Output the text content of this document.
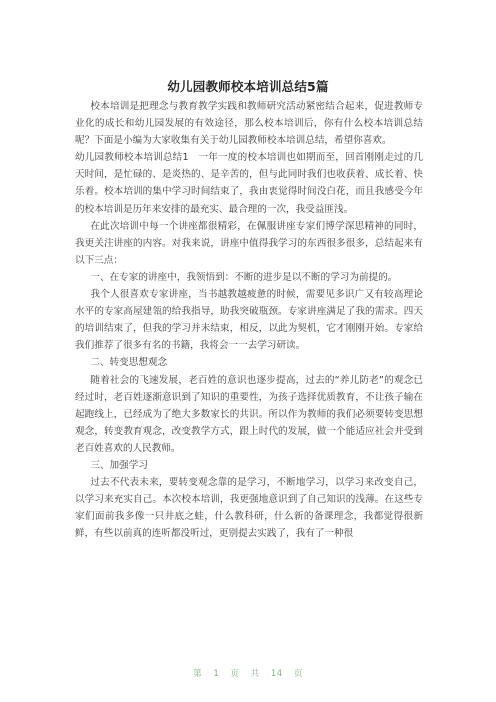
幼儿园教师校本培训总结5篇

校本培训是把理念与教育教学实践和教师研究活动紧密结合起来，促进教师专业化的成长和幼儿园发展的有效途径，那么校本培训后，你有什么校本培训总结呢？下面是小编为大家收集有关于幼儿园教师校本培训总结，希望你喜欢。

幼儿园教师校本培训总结1　一年一度的校本培训也如期而至，回首刚刚走过的几天时间，是忙碌的、是炎热的、是辛苦的，但与此同时我们也收获着、成长着、快乐着。校本培训的集中学习时间结束了，我由衷觉得时间没白花，而且我感受今年的校本培训是历年来安排的最充实、最合理的一次，我受益匪浅。

在此次培训中每一个讲座都很精彩，在佩服讲座专家们博学深思精神的同时，我更关注讲座的内容。对我来说，讲座中值得我学习的东西很多很多，总结起来有以下三点：

一、在专家的讲座中，我领悟到：不断的进步是以不断的学习为前提的。

我个人很喜欢专家讲座，当书越教越疲惫的时候，需要见多识广又有较高理论水平的专家高屋建瓴的给我指导，助我突破瓶颈。专家讲座满足了我的需求。四天的培训结束了，但我的学习并未结束，相反，以此为契机，它才刚刚开始。专家给我们推荐了很多有名的书籍，我将会一一去学习研读。

二、转变思想观念

随着社会的飞速发展，老百姓的意识也逐步提高，过去的“养儿防老”的观念已经过时，老百姓逐渐意识到了知识的重要性，为孩子选择优质教育，不让孩子输在起跑线上，已经成为了绝大多数家长的共识。所以作为教师的我们必须要转变思想观念，转变教育观念，改变教学方式，跟上时代的发展，做一个能适应社会并受到老百姓喜欢的人民教师。

三、加强学习

过去不代表未来，要转变观念靠的是学习，不断地学习，以学习来改变自己，以学习来充实自己。本次校本培训，我更强地意识到了自己知识的浅薄。在这些专家们面前我多像一只井底之蛙，什么教科研，什么新的备课理念，我都觉得很新鲜，有些以前真的连听都没听过，更别提去实践了，我有了一种很

第 1 页 共 14 页
